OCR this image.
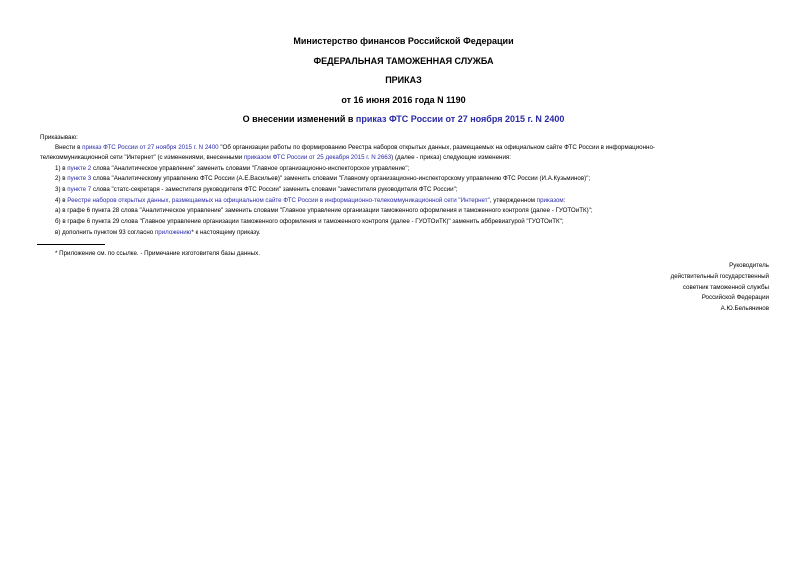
Министерство финансов Российской Федерации
ФЕДЕРАЛЬНАЯ ТАМОЖЕННАЯ СЛУЖБА
ПРИКАЗ
от 16 июня 2016 года N 1190
О внесении изменений в приказ ФТС России от 27 ноября 2015 г. N 2400
Приказываю:
Внести в приказ ФТС России от 27 ноября 2015 г. N 2400 "Об организации работы по формированию Реестра наборов открытых данных, размещаемых на официальном сайте ФТС России в информационно-
телекоммуникационной сети "Интернет" (с изменениями, внесенными приказом ФТС России от 25 декабря 2015 г. N 2663) (далее - приказ) следующие изменения:
1) в пункте 2 слова "Аналитическое управление" заменить словами "Главное организационно-инспекторское управление";
2) в пункте 3 слова "Аналитическому управлению ФТС России (А.Е.Васильев)" заменить словами "Главному организационно-инспекторскому управлению ФТС России (И.А.Кузьминов)";
3) в пункте 7 слова "статс-секретаря - заместителя руководителя ФТС России" заменить словами "заместителя руководителя ФТС России";
4) в Реестре наборов открытых данных, размещаемых на официальном сайте ФТС России в информационно-телекоммуникационной сети "Интернет", утвержденном приказом:
а) в графе 6 пункта 28 слова "Аналитическое управление" заменить словами "Главное управление организации таможенного оформления и таможенного контроля (далее - ГУОТОиТК)";
б) в графе 6 пункта 29 слова "Главное управление организации таможенного оформления и таможенного контроля (далее - ГУОТОиТК)" заменить аббревиатурой "ГУОТОиТК";
в) дополнить пунктом 93 согласно приложению* к настоящему приказу.
* Приложение см. по ссылке. - Примечание изготовителя базы данных.
Руководитель
действительный государственный
советник таможенной службы
Российской Федерации
А.Ю.Бельянинов
